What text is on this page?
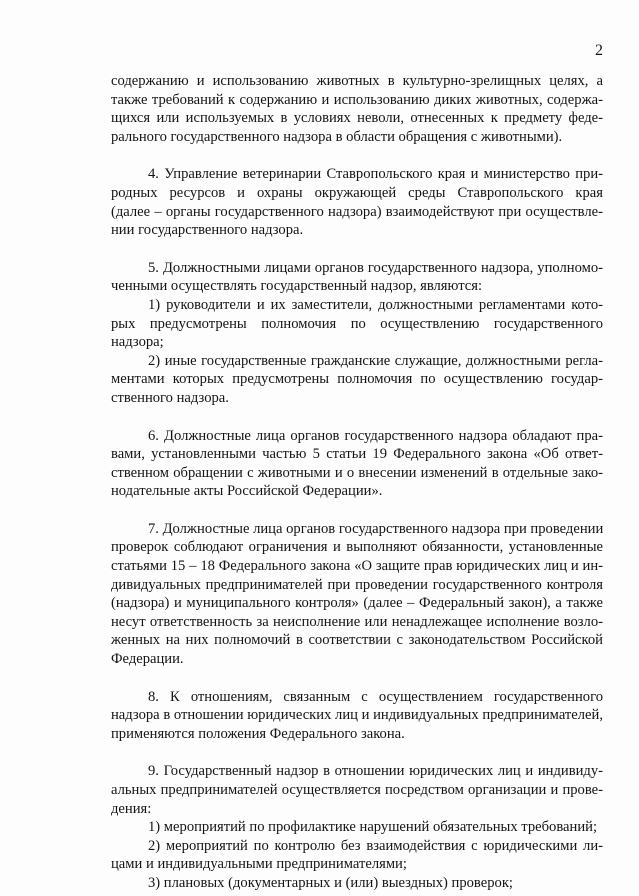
2
содержанию и использованию животных в культурно-зрелищных целях, а
также требований к содержанию и использованию диких животных, содержа-
щихся или используемых в условиях неволи, отнесенных к предмету феде-
рального государственного надзора в области обращения с животными).
4. Управление ветеринарии Ставропольского края и министерство при-
родных ресурсов и охраны окружающей среды Ставропольского края
(далее – органы государственного надзора) взаимодействуют при осуществле-
нии государственного надзора.
5. Должностными лицами органов государственного надзора, уполномо-
ченными осуществлять государственный надзор, являются:
1) руководители и их заместители, должностными регламентами кото-
рых предусмотрены полномочия по осуществлению государственного
надзора;
2) иные государственные гражданские служащие, должностными регла-
ментами которых предусмотрены полномочия по осуществлению государ-
ственного надзора.
6. Должностные лица органов государственного надзора обладают пра-
вами, установленными частью 5 статьи 19 Федерального закона «Об ответ-
ственном обращении с животными и о внесении изменений в отдельные зако-
нодательные акты Российской Федерации».
7. Должностные лица органов государственного надзора при проведении
проверок соблюдают ограничения и выполняют обязанности, установленные
статьями 15 – 18 Федерального закона «О защите прав юридических лиц и ин-
дивидуальных предпринимателей при проведении государственного контроля
(надзора) и муниципального контроля» (далее – Федеральный закон), а также
несут ответственность за неисполнение или ненадлежащее исполнение возло-
женных на них полномочий в соответствии с законодательством Российской
Федерации.
8. К отношениям, связанным с осуществлением государственного
надзора в отношении юридических лиц и индивидуальных предпринимателей,
применяются положения Федерального закона.
9. Государственный надзор в отношении юридических лиц и индивиду-
альных предпринимателей осуществляется посредством организации и прове-
дения:
1) мероприятий по профилактике нарушений обязательных требований;
2) мероприятий по контролю без взаимодействия с юридическими ли-
цами и индивидуальными предпринимателями;
3) плановых (документарных и (или) выездных) проверок;
